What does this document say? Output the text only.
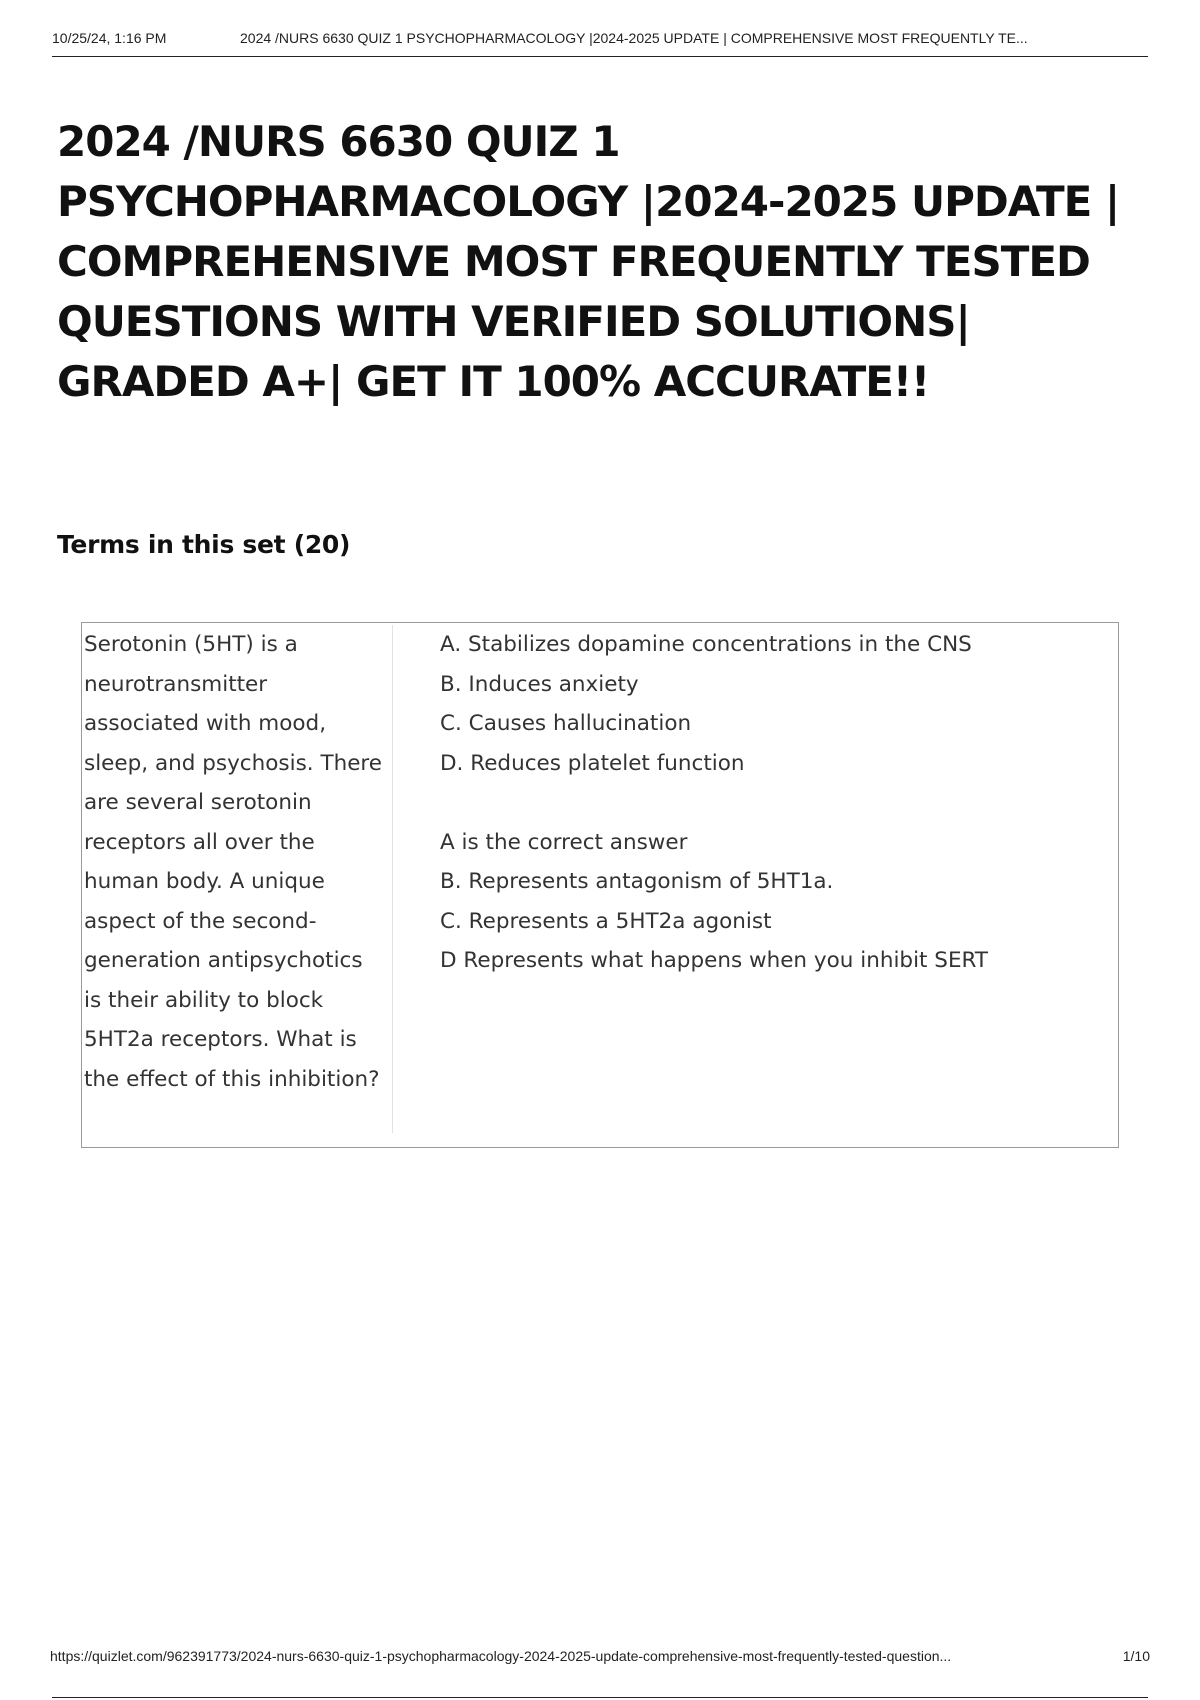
10/25/24, 1:16 PM	2024 /NURS 6630 QUIZ 1 PSYCHOPHARMACOLOGY |2024-2025 UPDATE | COMPREHENSIVE MOST FREQUENTLY TE...
2024 /NURS 6630 QUIZ 1 PSYCHOPHARMACOLOGY |2024-2025 UPDATE | COMPREHENSIVE MOST FREQUENTLY TESTED QUESTIONS WITH VERIFIED SOLUTIONS| GRADED A+| GET IT 100% ACCURATE!!
Terms in this set (20)
Serotonin (5HT) is a neurotransmitter associated with mood, sleep, and psychosis. There are several serotonin receptors all over the human body. A unique aspect of the second-generation antipsychotics is their ability to block 5HT2a receptors. What is the effect of this inhibition?
A. Stabilizes dopamine concentrations in the CNS
B. Induces anxiety
C. Causes hallucination
D. Reduces platelet function
A is the correct answer
B. Represents antagonism of 5HT1a.
C. Represents a 5HT2a agonist
D Represents what happens when you inhibit SERT
https://quizlet.com/962391773/2024-nurs-6630-quiz-1-psychopharmacology-2024-2025-update-comprehensive-most-frequently-tested-question...	1/10
